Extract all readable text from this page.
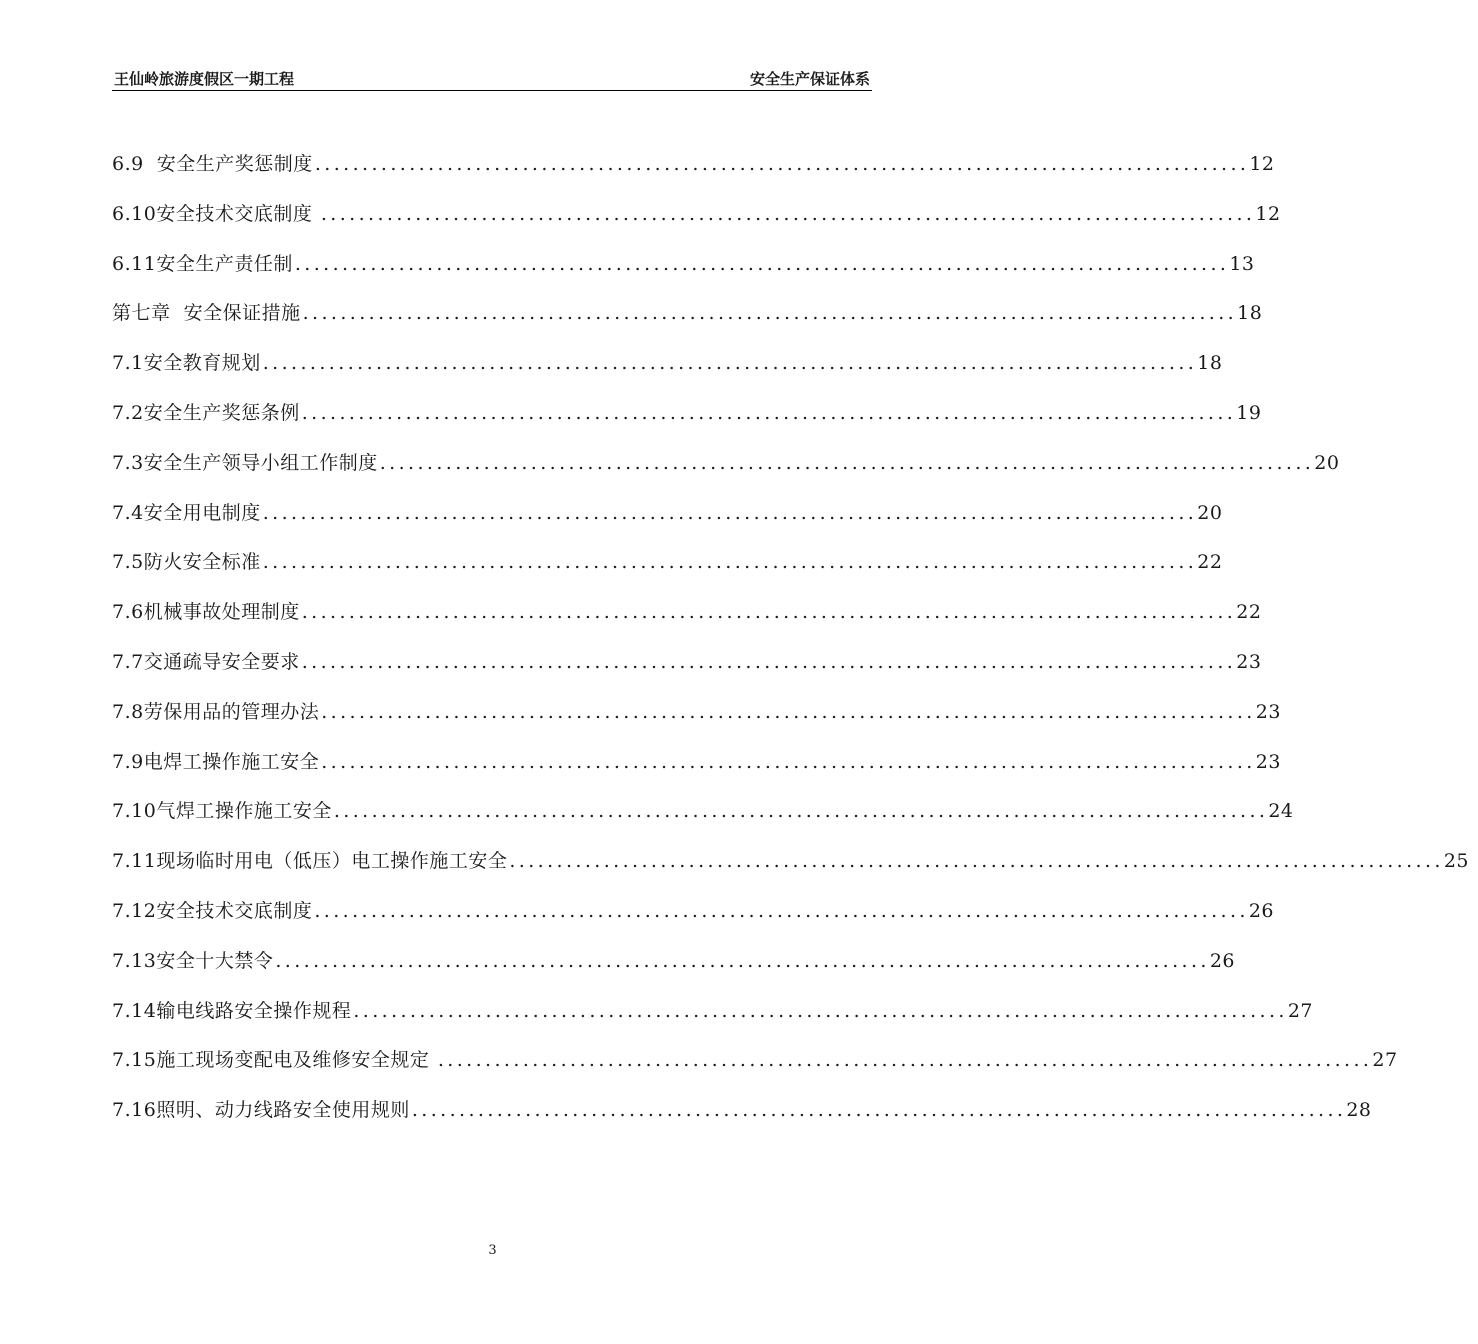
王仙岭旅游度假区一期工程	安全生产保证体系
6.9 安全生产奖惩制度 ................................................................................................... 12
6.10 安全技术交底制度 ................................................................................................... 12
6.11 安全生产责任制 ................................................................................................... 13
第七章 安全保证措施 ................................................................................................... 18
7.1 安全教育规划 ................................................................................................... 18
7.2 安全生产奖惩条例 ................................................................................................... 19
7.3 安全生产领导小组工作制度 ................................................................................................... 20
7.4 安全用电制度 ................................................................................................... 20
7.5 防火安全标准 ................................................................................................... 22
7.6 机械事故处理制度 ................................................................................................... 22
7.7 交通疏导安全要求 ................................................................................................... 23
7.8 劳保用品的管理办法 ................................................................................................... 23
7.9 电焊工操作施工安全 ................................................................................................... 23
7.10 气焊工操作施工安全 ................................................................................................... 24
7.11 现场临时用电（低压）电工操作施工安全 ................................................................................................... 25
7.12 安全技术交底制度 ................................................................................................... 26
7.13 安全十大禁令 ................................................................................................... 26
7.14 输电线路安全操作规程 ................................................................................................... 27
7.15 施工现场变配电及维修安全规定 ................................................................................................... 27
7.16 照明、动力线路安全使用规则 ................................................................................................... 28
3
